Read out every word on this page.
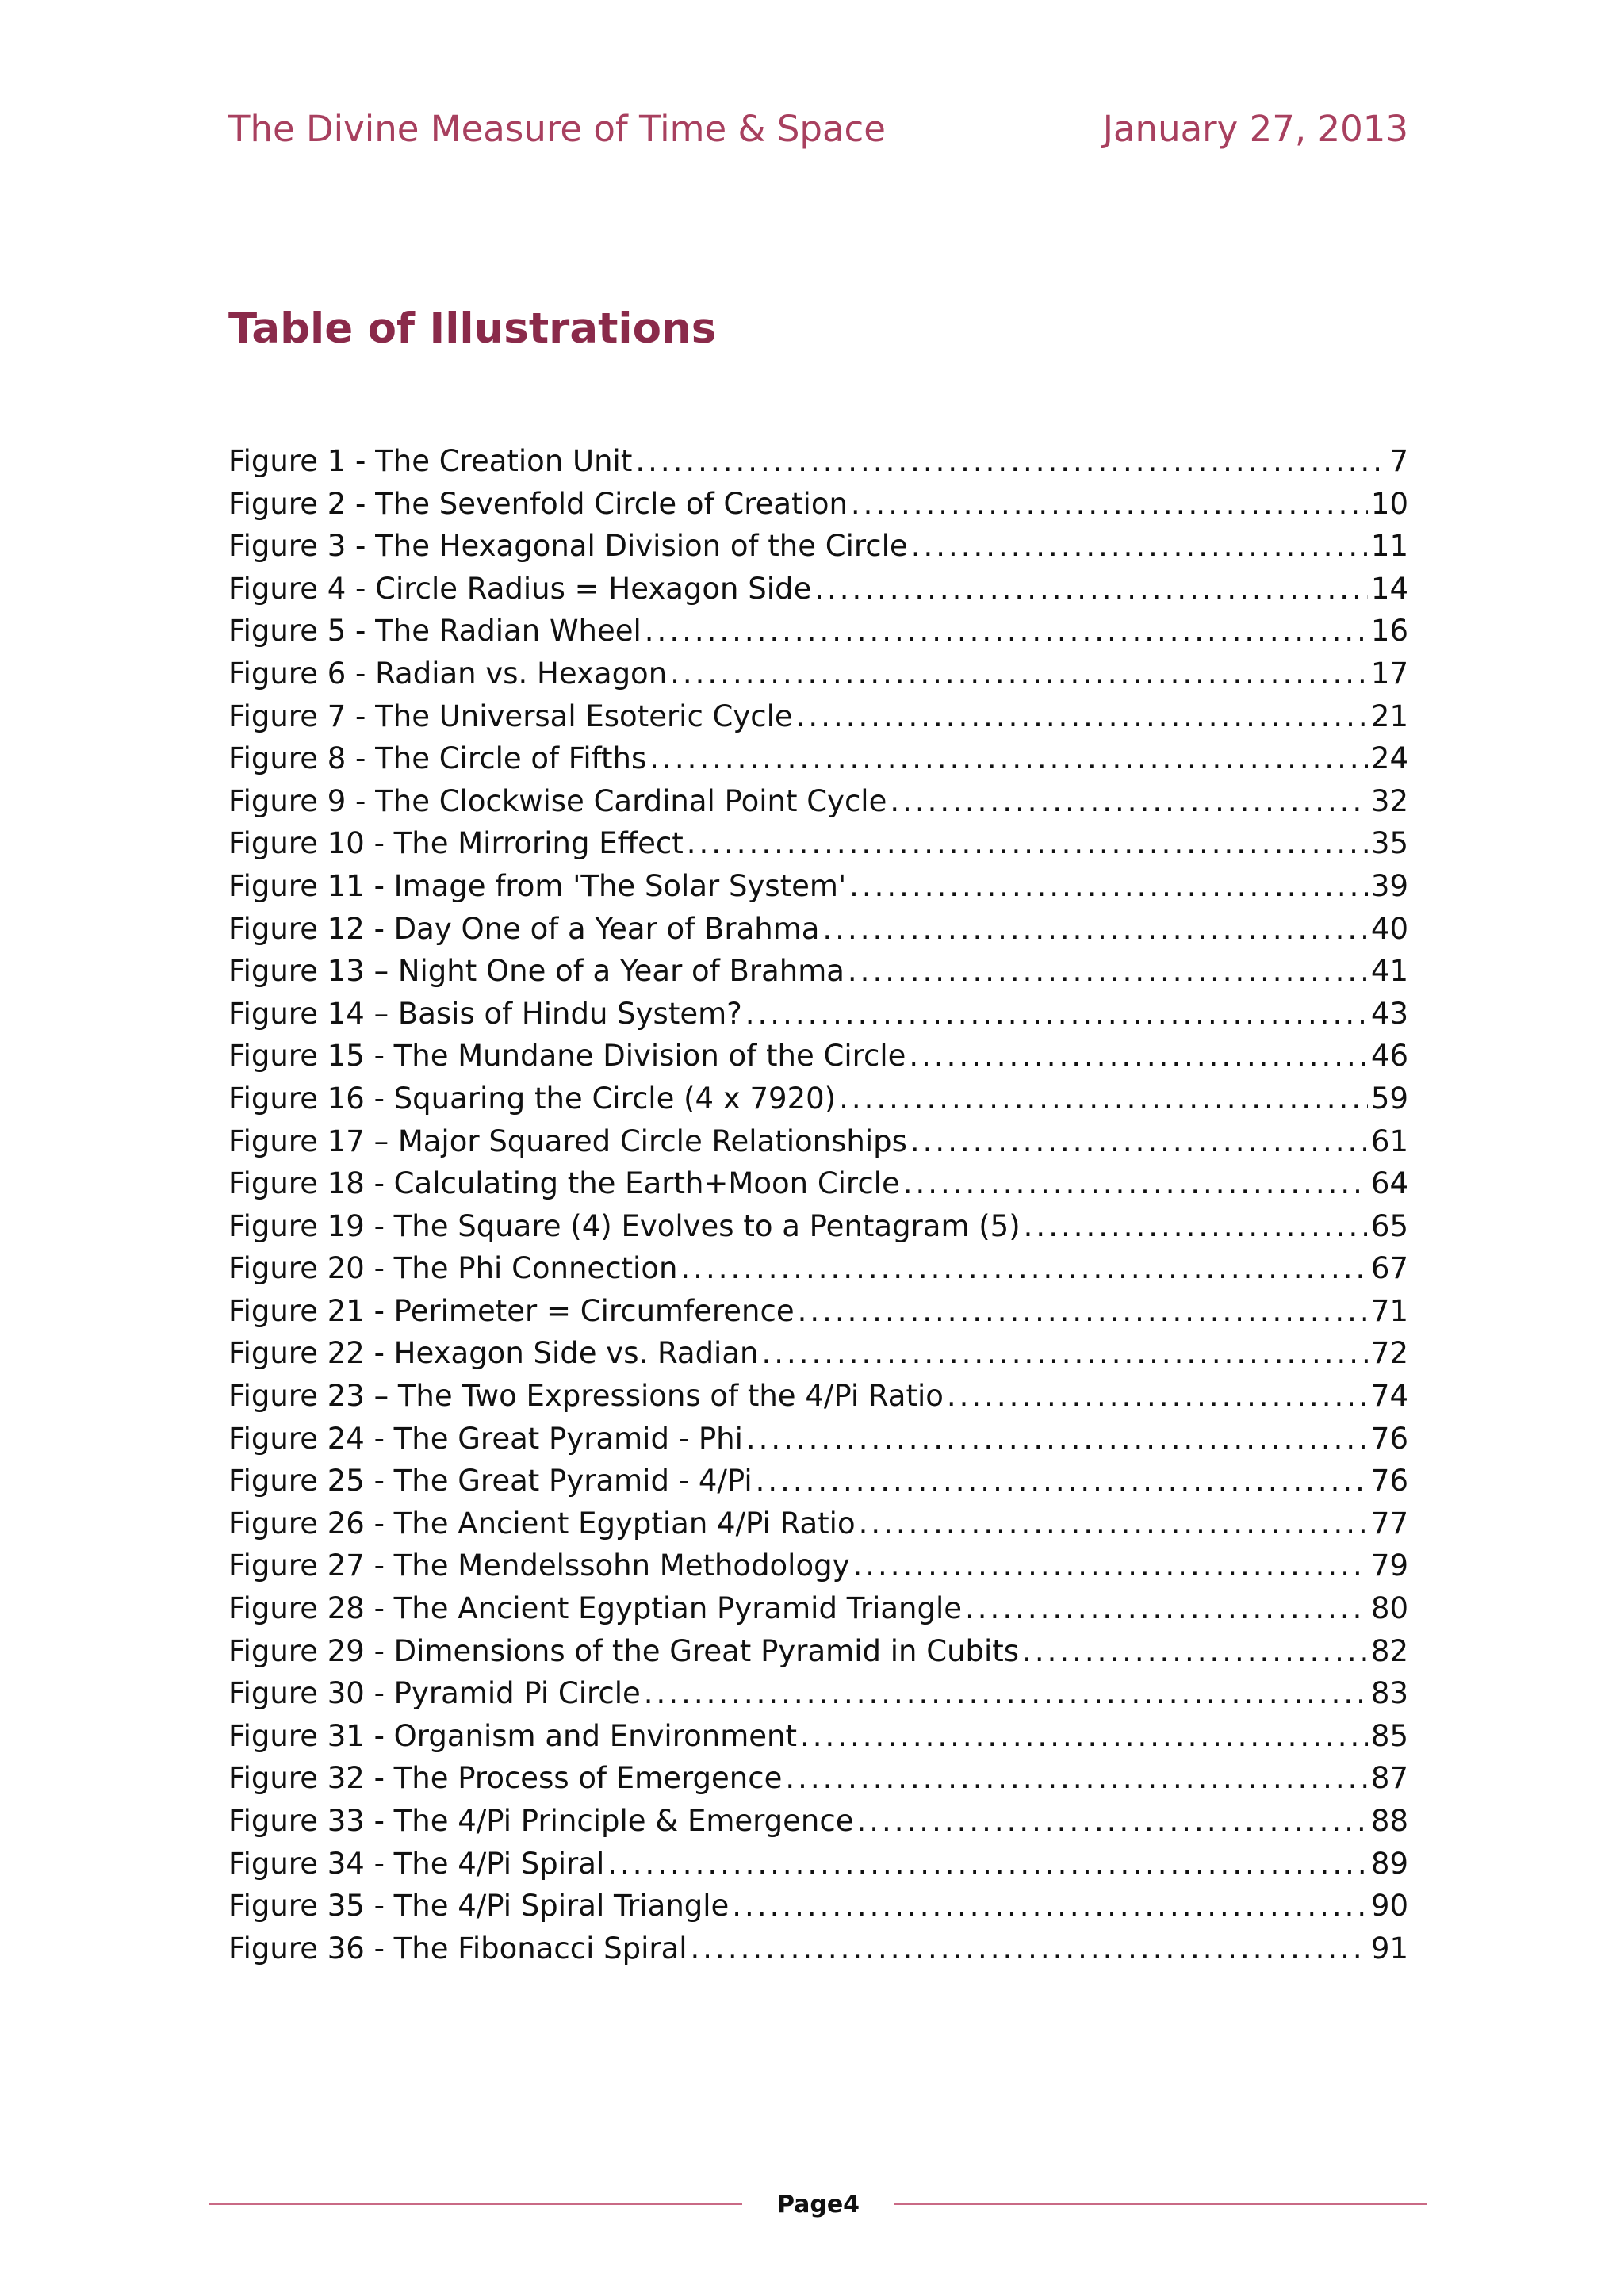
The Divine Measure of Time & Space	January 27, 2013
Table of Illustrations
Figure 1 - The Creation Unit .....	7
Figure 2 - The Sevenfold Circle of Creation .....	10
Figure 3 - The Hexagonal Division of the Circle .....	11
Figure 4 - Circle Radius = Hexagon Side .....	14
Figure 5 - The Radian Wheel .....	16
Figure 6 - Radian vs. Hexagon .....	17
Figure 7 - The Universal Esoteric Cycle .....	21
Figure 8 - The Circle of Fifths .....	24
Figure 9 - The Clockwise Cardinal Point Cycle .....	32
Figure 10 - The Mirroring Effect .....	35
Figure 11 - Image from 'The Solar System' .....	39
Figure 12 - Day One of a Year of Brahma .....	40
Figure 13 – Night One of a Year of Brahma .....	41
Figure 14 – Basis of Hindu System? .....	43
Figure 15 - The Mundane Division of the Circle .....	46
Figure 16 - Squaring the Circle (4 x 7920) .....	59
Figure 17 – Major Squared Circle Relationships .....	61
Figure 18 - Calculating the Earth+Moon Circle .....	64
Figure 19 - The Square (4) Evolves to a Pentagram (5) .....	65
Figure 20 - The Phi Connection .....	67
Figure 21 - Perimeter = Circumference .....	71
Figure 22 - Hexagon Side vs. Radian .....	72
Figure 23 – The Two Expressions of the 4/Pi Ratio .....	74
Figure 24 - The Great Pyramid - Phi .....	76
Figure 25 - The Great Pyramid - 4/Pi .....	76
Figure 26 - The Ancient Egyptian 4/Pi Ratio .....	77
Figure 27 - The Mendelssohn Methodology .....	79
Figure 28 - The Ancient Egyptian Pyramid Triangle .....	80
Figure 29 - Dimensions of the Great Pyramid in Cubits .....	82
Figure 30 - Pyramid Pi Circle .....	83
Figure 31 - Organism and Environment .....	85
Figure 32 - The Process of Emergence .....	87
Figure 33 - The 4/Pi Principle & Emergence .....	88
Figure 34 - The 4/Pi Spiral .....	89
Figure 35 - The 4/Pi Spiral Triangle .....	90
Figure 36 - The Fibonacci Spiral .....	91
Page4
